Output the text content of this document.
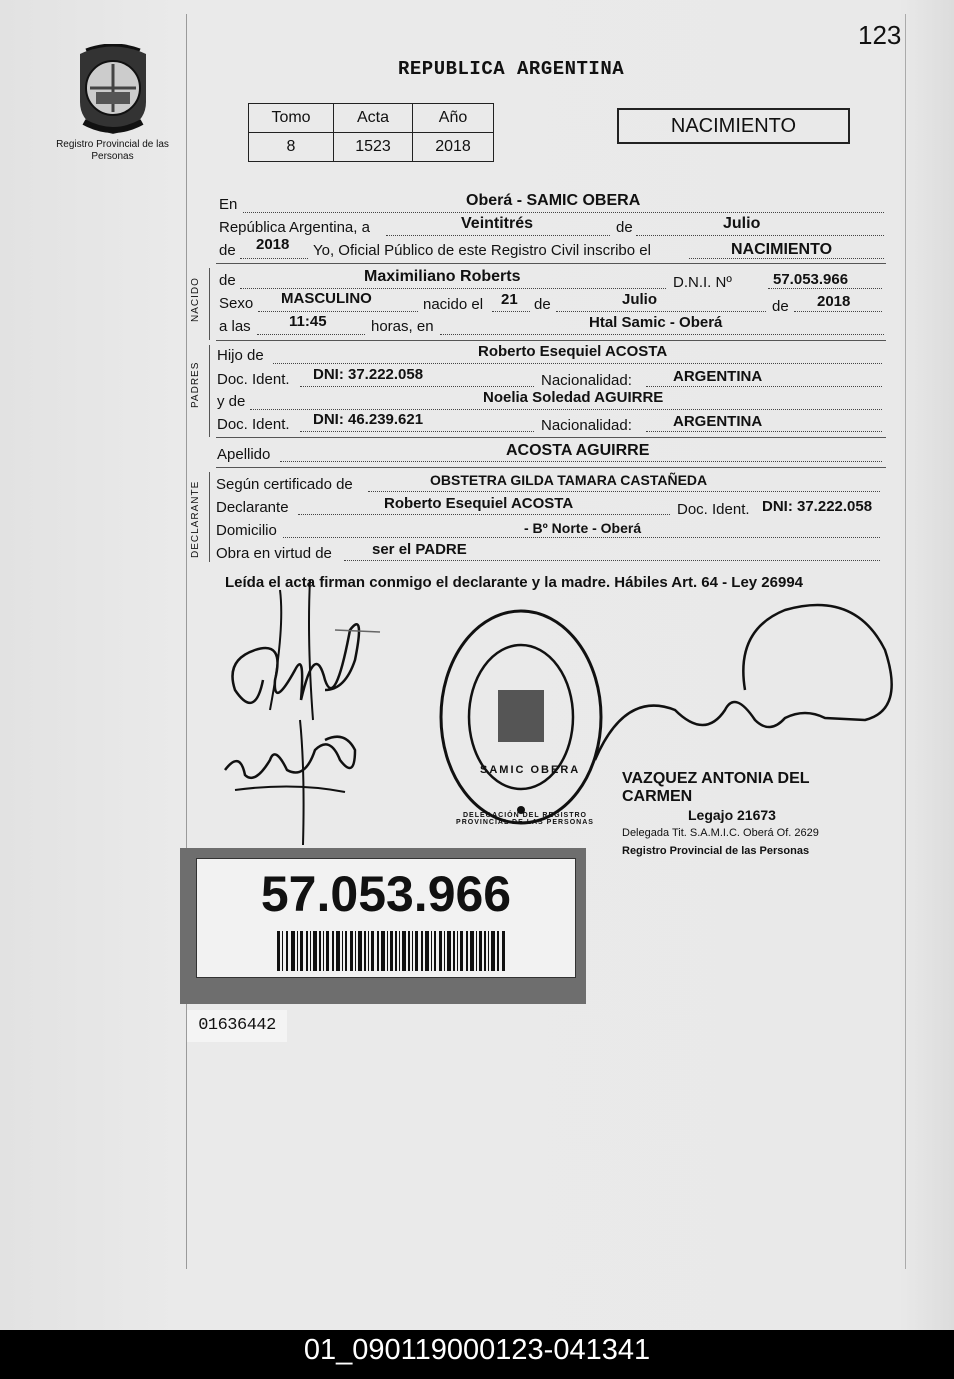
123
Registro Provincial de las Personas
REPUBLICA ARGENTINA
Tomo	Acta	Año
8	1523	2018
NACIMIENTO
En	Oberá - SAMIC OBERA
República Argentina, a	Veintitrés	de	Julio
de 2018 Yo, Oficial Público de este Registro Civil inscribo el	NACIMIENTO
NACIDO de	Maximiliano Roberts	D.N.I. Nº	57.053.966
Sexo MASCULINO	nacido el 21 de	Julio	de 2018
a las	11:45	horas, en	Htal Samic - Oberá
PADRES
Hijo de	Roberto Esequiel ACOSTA
Doc. Ident. DNI: 37.222.058	Nacionalidad:	ARGENTINA
y de	Noelia Soledad AGUIRRE
Doc. Ident. DNI: 46.239.621	Nacionalidad:	ARGENTINA
Apellido	ACOSTA AGUIRRE
DECLARANTE Según certificado de	OBSTETRA GILDA TAMARA CASTAÑEDA
Declarante	Roberto Esequiel ACOSTA	Doc. Ident. DNI: 37.222.058
Domicilio	- Bº Norte - Oberá
Obra en virtud de	ser el PADRE
Leída el acta firman conmigo el declarante y la madre. Hábiles Art. 64 - Ley 26994
SAMIC OBERA
DELEGACIÓN DEL REGISTRO PROVINCIAL DE LAS PERSONAS
VAZQUEZ ANTONIA DEL CARMEN
Legajo 21673
Delegada Tit. S.A.M.I.C. Oberá Of. 2629
Registro Provincial de las Personas
57.053.966
01636442
01_090119000123-041341
